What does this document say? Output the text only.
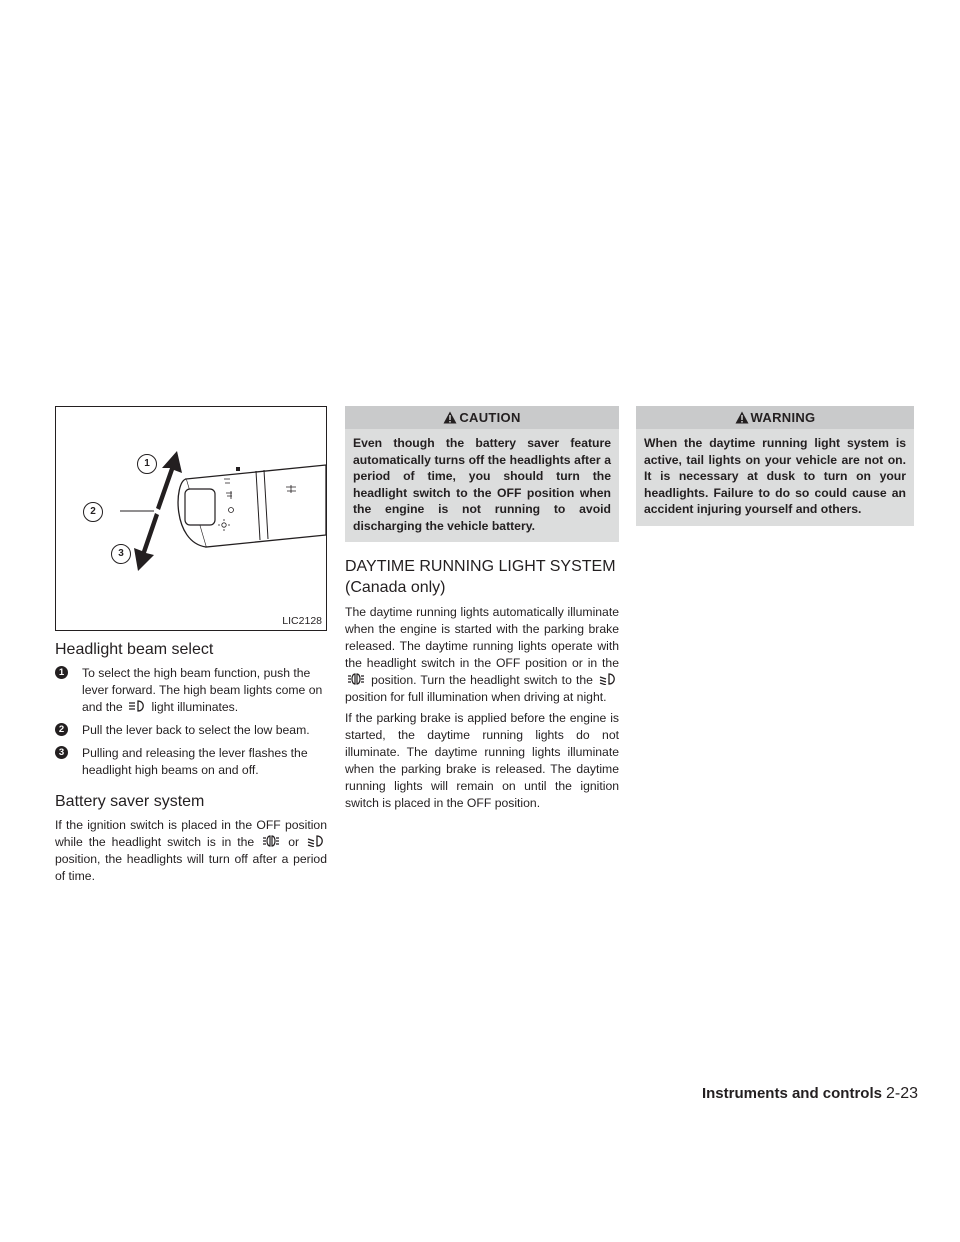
1
2
3
LIC2128
Headlight beam select
1	To select the high beam function, push the lever forward. The high beam lights come on and the light illuminates.
2	Pull the lever back to select the low beam.
3	Pulling and releasing the lever flashes the headlight high beams on and off.
Battery saver system

If the ignition switch is placed in the OFF position while the headlight switch is in the	or
position, the headlights will turn off after a period of time.

CAUTION
Even though the battery saver feature automatically turns off the headlights after a period of time, you should turn the headlight switch to the OFF position when the engine is not running to avoid discharging the vehicle battery.
DAYTIME RUNNING LIGHT SYSTEM (Canada only)

The daytime running lights automatically illuminate when the engine is started with the parking brake released. The daytime running lights operate with the headlight switch in the OFF position or in the
position. Turn the headlight switch to the
position for full illumination when driving at night.

If the parking brake is applied before the engine is started, the daytime running lights do not illuminate. The daytime running lights illuminate when the parking brake is released. The daytime running lights will remain on until the ignition switch is placed in the OFF position.

WARNING
When the daytime running light system is active, tail lights on your vehicle are not on. It is necessary at dusk to turn on your headlights. Failure to do so could cause an accident injuring yourself and others.
Instruments and controls 2-23
